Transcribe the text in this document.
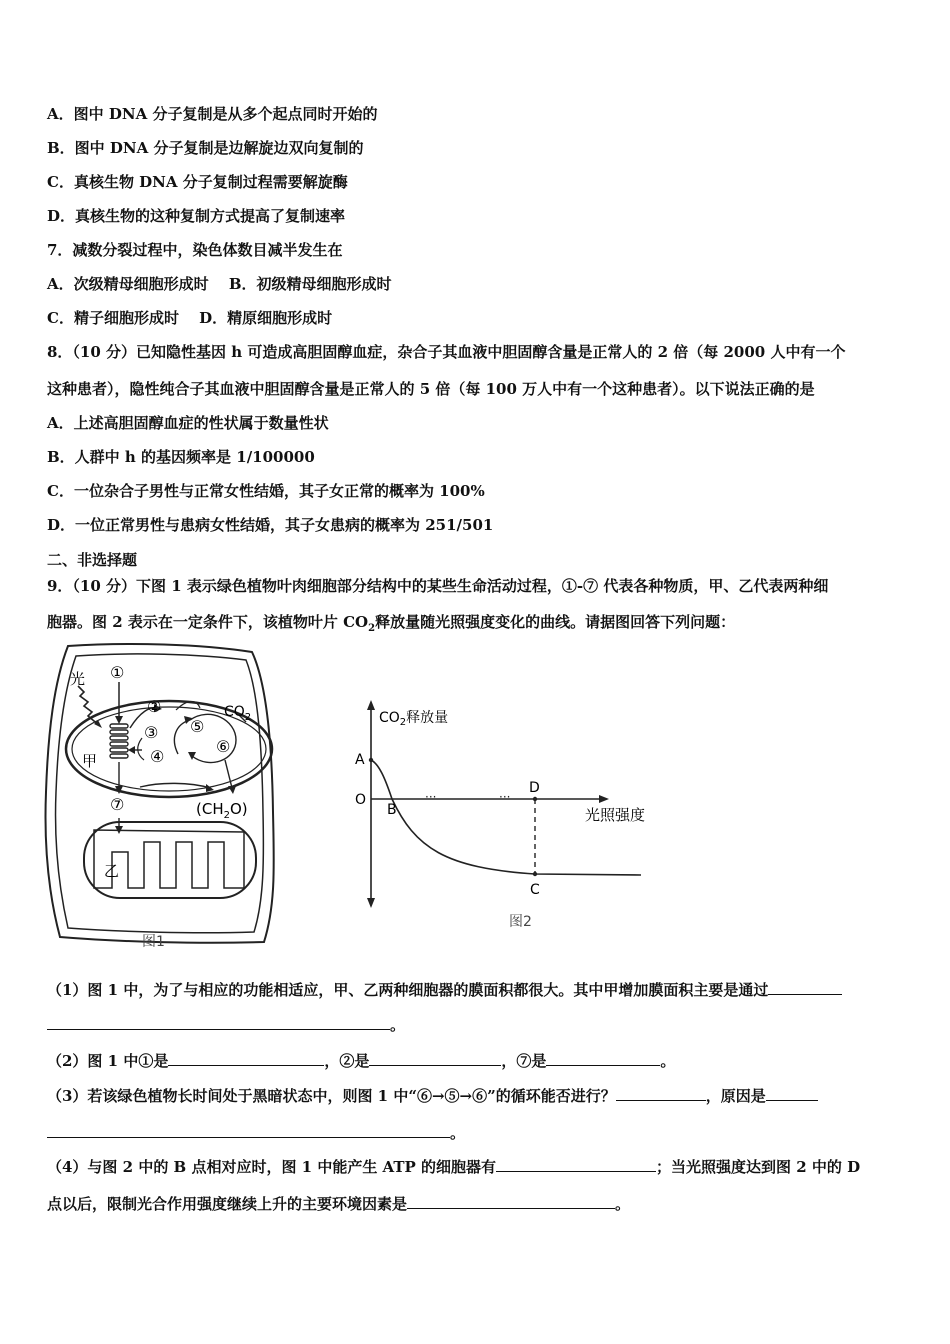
A．图中 DNA 分子复制是从多个起点同时开始的
B．图中 DNA 分子复制是边解旋边双向复制的
C．真核生物 DNA 分子复制过程需要解旋酶
D．真核生物的这种复制方式提高了复制速率
7．减数分裂过程中，染色体数目减半发生在
A．次级精母细胞形成时　 B．初级精母细胞形成时
C．精子细胞形成时　 D．精原细胞形成时
8．（10 分）已知隐性基因 h 可造成高胆固醇血症，杂合子其血液中胆固醇含量是正常人的 2 倍（每 2000 人中有一个
这种患者），隐性纯合子其血液中胆固醇含量是正常人的 5 倍（每 100 万人中有一个这种患者）。以下说法正确的是
A．上述高胆固醇血症的性状属于数量性状
B．人群中 h 的基因频率是 1/100000
C．一位杂合子男性与正常女性结婚，其子女正常的概率为 100%
D．一位正常男性与患病女性结婚，其子女患病的概率为 251/501
二、非选择题
9．（10 分）下图 1 表示绿色植物叶肉细胞部分结构中的某些生命活动过程，①-⑦ 代表各种物质，甲、乙代表两种细
胞器。图 2 表示在一定条件下，该植物叶片 $CO_2$释放量随光照强度变化的曲线。请据图回答下列问题：
光 ①
②
③
④
⑤
⑥
$CO_2$
甲
⑦	$(CH_2O)$
乙
图1
···	···
$CO_2$释放量
光照强度
A
O
B
D
C
图2
（1）图 1 中，为了与相应的功能相适应，甲、乙两种细胞器的膜面积都很大。其中甲增加膜面积主要是通过
。
（2）图 1 中①是	，②是	，⑦是	。
（3）若该绿色植物长时间处于黑暗状态中，则图 1 中“⑥→⑤→⑥”的循环能否进行？	，原因是
。
（4）与图 2 中的 B 点相对应时，图 1 中能产生 ATP 的细胞器有	；当光照强度达到图 2 中的 D
点以后，限制光合作用强度继续上升的主要环境因素是	。
